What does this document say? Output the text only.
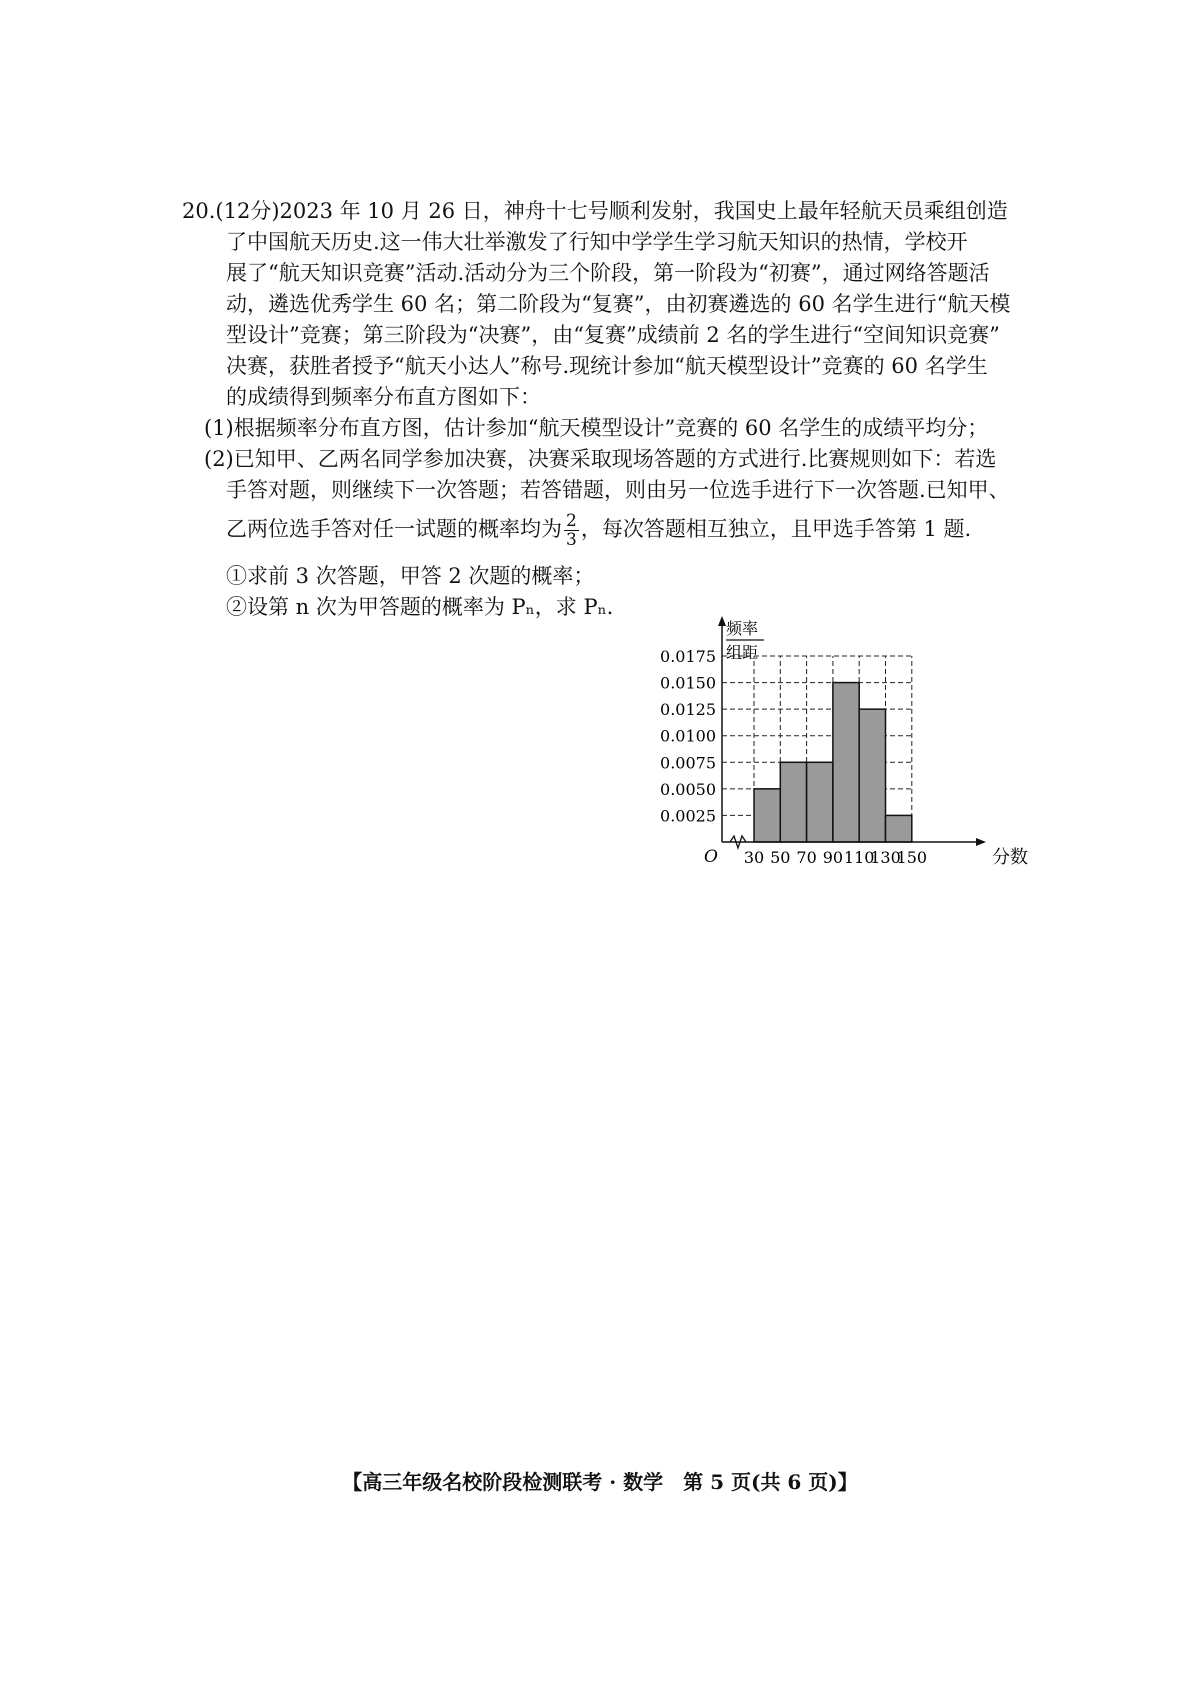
20.(12分)2023 年 10 月 26 日，神舟十七号顺利发射，我国史上最年轻航天员乘组创造
了中国航天历史.这一伟大壮举激发了行知中学学生学习航天知识的热情，学校开
展了“航天知识竞赛”活动.活动分为三个阶段，第一阶段为“初赛”，通过网络答题活
动，遴选优秀学生 60 名；第二阶段为“复赛”，由初赛遴选的 60 名学生进行“航天模
型设计”竞赛；第三阶段为“决赛”，由“复赛”成绩前 2 名的学生进行“空间知识竞赛”
决赛，获胜者授予“航天小达人”称号.现统计参加“航天模型设计”竞赛的 60 名学生
的成绩得到频率分布直方图如下：

(1)根据频率分布直方图，估计参加“航天模型设计”竞赛的 60 名学生的成绩平均分；

(2)已知甲、乙两名同学参加决赛，决赛采取现场答题的方式进行.比赛规则如下：若选

手答对题，则继续下一次答题；若答错题，则由另一位选手进行下一次答题.已知甲、

乙两位选手答对任一试题的概率均为 $\frac{2}{3}$ ，每次答题相互独立，且甲选手答第 1 题.

①求前 3 次答题，甲答 2 次题的概率；

②设第 n 次为甲答题的概率为 Pₙ，求 Pₙ.

O	分数
频率
组距
0.0025
0.0050
0.0075
0.0100
0.0125
0.0150
0.0175
30 50 70 90 110
130
150
【高三年级名校阶段检测联考 · 数学　第 5 页(共 6 页)】
